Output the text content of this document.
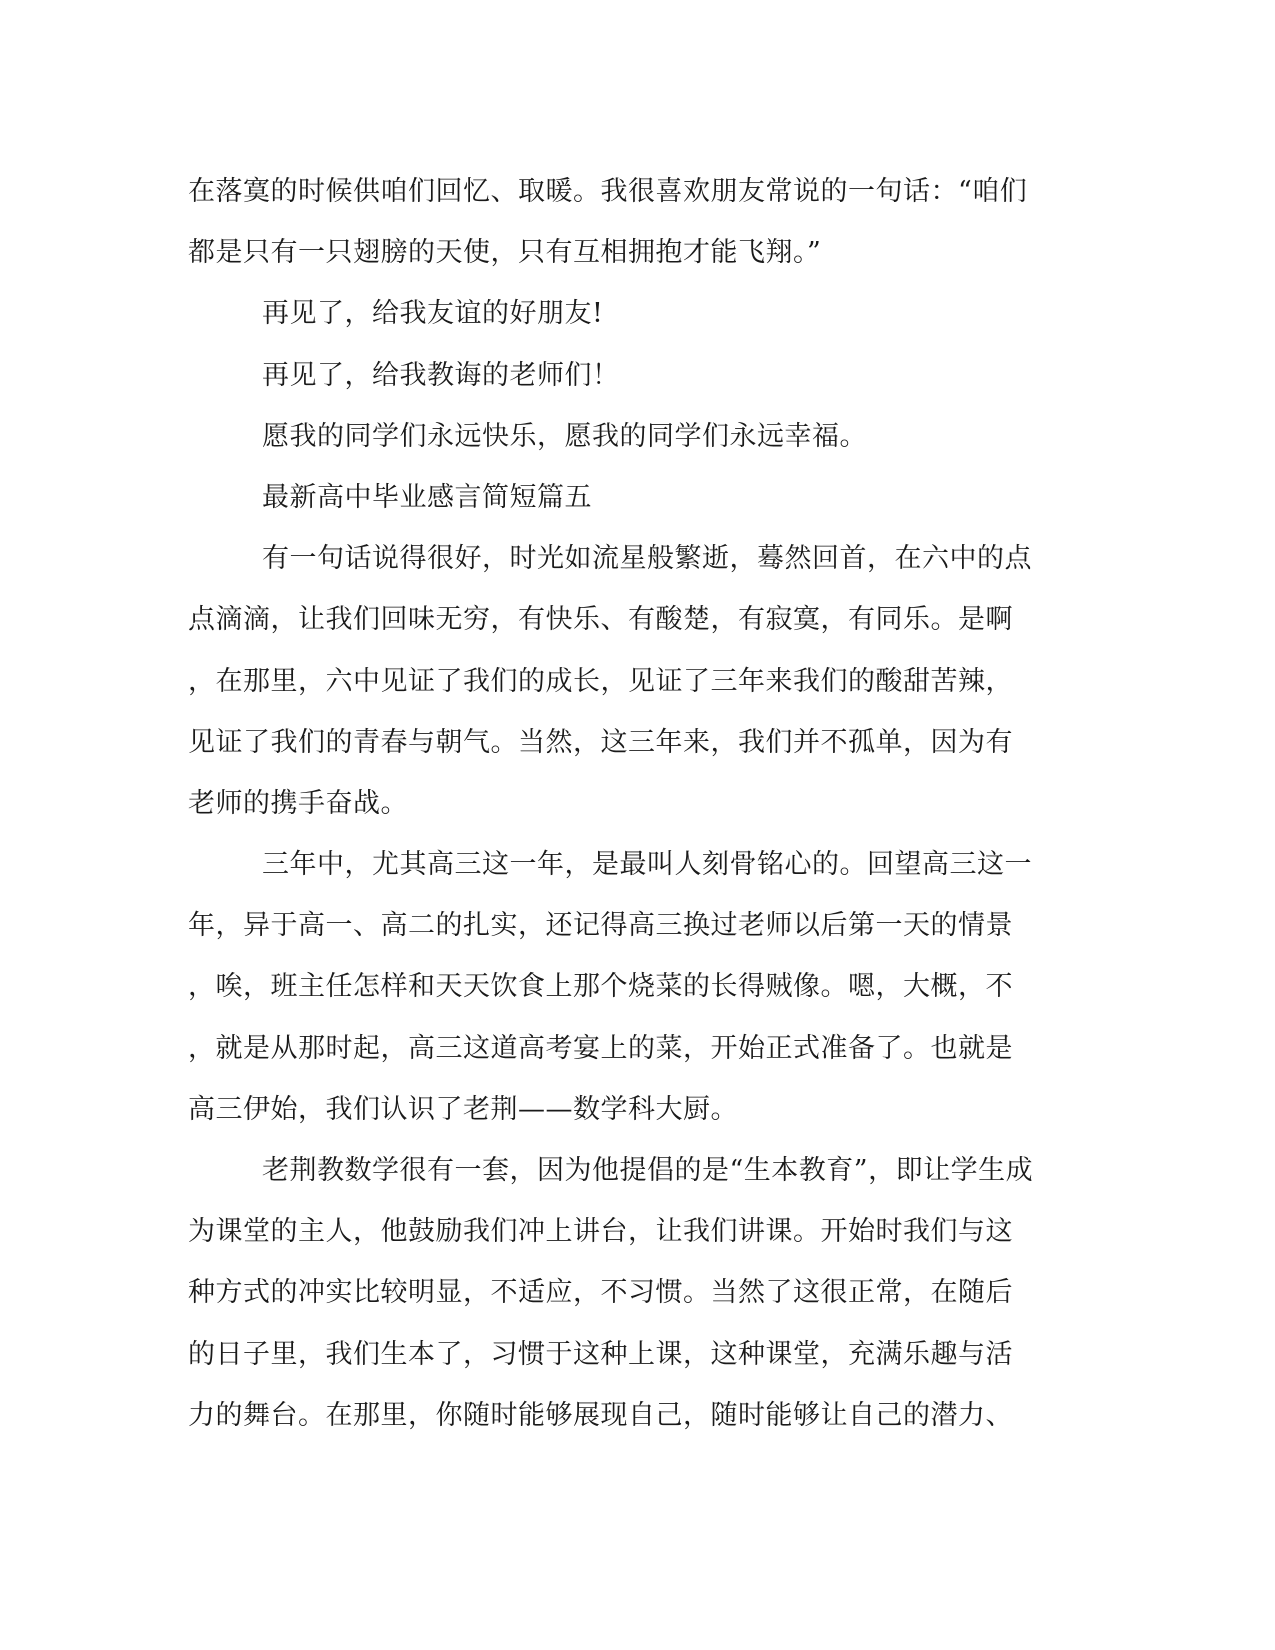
在落寞的时候供咱们回忆、取暖。我很喜欢朋友常说的一句话：“咱们
都是只有一只翅膀的天使，只有互相拥抱才能飞翔。”
再见了，给我友谊的好朋友!
再见了，给我教诲的老师们！
愿我的同学们永远快乐，愿我的同学们永远幸福。
最新高中毕业感言简短篇五
有一句话说得很好，时光如流星般繁逝，蓦然回首，在六中的点
点滴滴，让我们回味无穷，有快乐、有酸楚，有寂寞，有同乐。是啊
，在那里，六中见证了我们的成长，见证了三年来我们的酸甜苦辣，
见证了我们的青春与朝气。当然，这三年来，我们并不孤单，因为有
老师的携手奋战。
三年中，尤其高三这一年，是最叫人刻骨铭心的。回望高三这一
年，异于高一、高二的扎实，还记得高三换过老师以后第一天的情景
，唉，班主任怎样和天天饮食上那个烧菜的长得贼像。嗯，大概，不
，就是从那时起，高三这道高考宴上的菜，开始正式准备了。也就是
高三伊始，我们认识了老荆——数学科大厨。
老荆教数学很有一套，因为他提倡的是“生本教育”，即让学生成
为课堂的主人，他鼓励我们冲上讲台，让我们讲课。开始时我们与这
种方式的冲实比较明显，不适应，不习惯。当然了这很正常，在随后
的日子里，我们生本了，习惯于这种上课，这种课堂，充满乐趣与活
力的舞台。在那里，你随时能够展现自己，随时能够让自己的潜力、
